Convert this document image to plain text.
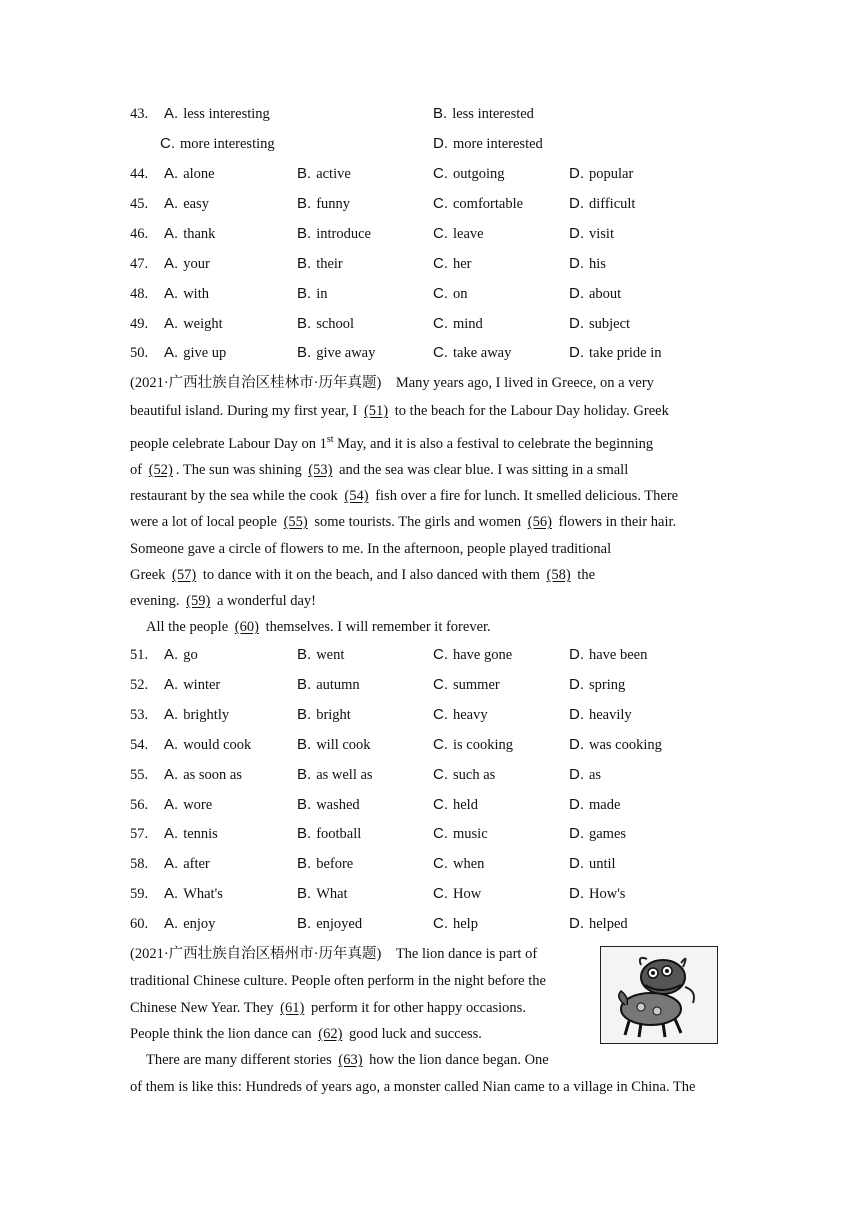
43. A. less interesting	B. less interested
C. more interesting	D. more interested
44. A. alone	B. active	C. outgoing	D. popular
45. A. easy	B. funny	C. comfortable	D. difficult
46. A. thank	B. introduce	C. leave	D. visit
47. A. your	B. their	C. her	D. his
48. A. with	B. in	C. on	D. about
49. A. weight	B. school	C. mind	D. subject
50. A. give up	B. give away	C. take away	D. take pride in
(2021·广西壮族自治区桂林市·历年真题) Many years ago, I lived in Greece, on a very
beautiful island. During my first year, I (51) to the beach for the Labour Day holiday. Greek
people celebrate Labour Day on 1st May, and it is also a festival to celebrate the beginning
of (52) . The sun was shining (53) and the sea was clear blue. I was sitting in a small
restaurant by the sea while the cook (54) fish over a fire for lunch. It smelled delicious. There
were a lot of local people (55) some tourists. The girls and women (56) flowers in their hair.
Someone gave a circle of flowers to me. In the afternoon, people played traditional
Greek (57) to dance with it on the beach, and I also danced with them (58) the
evening. (59) a wonderful day!
All the people (60) themselves. I will remember it forever.
51. A. go	B. went	C. have gone	D. have been
52. A. winter	B. autumn	C. summer	D. spring
53. A. brightly	B. bright	C. heavy	D. heavily
54. A. would cook	B. will cook	C. is cooking	D. was cooking
55. A. as soon as	B. as well as	C. such as	D. as
56. A. wore	B. washed	C. held	D. made
57. A. tennis	B. football	C. music	D. games
58. A. after	B. before	C. when	D. until
59. A. What's	B. What	C. How	D. How's
60. A. enjoy	B. enjoyed	C. help	D. helped
(2021·广西壮族自治区梧州市·历年真题) The lion dance is part of
traditional Chinese culture. People often perform in the night before the
Chinese New Year. They (61) perform it for other happy occasions.
People think the lion dance can (62) good luck and success.
There are many different stories (63) how the lion dance began. One
of them is like this: Hundreds of years ago, a monster called Nian came to a village in China. The
